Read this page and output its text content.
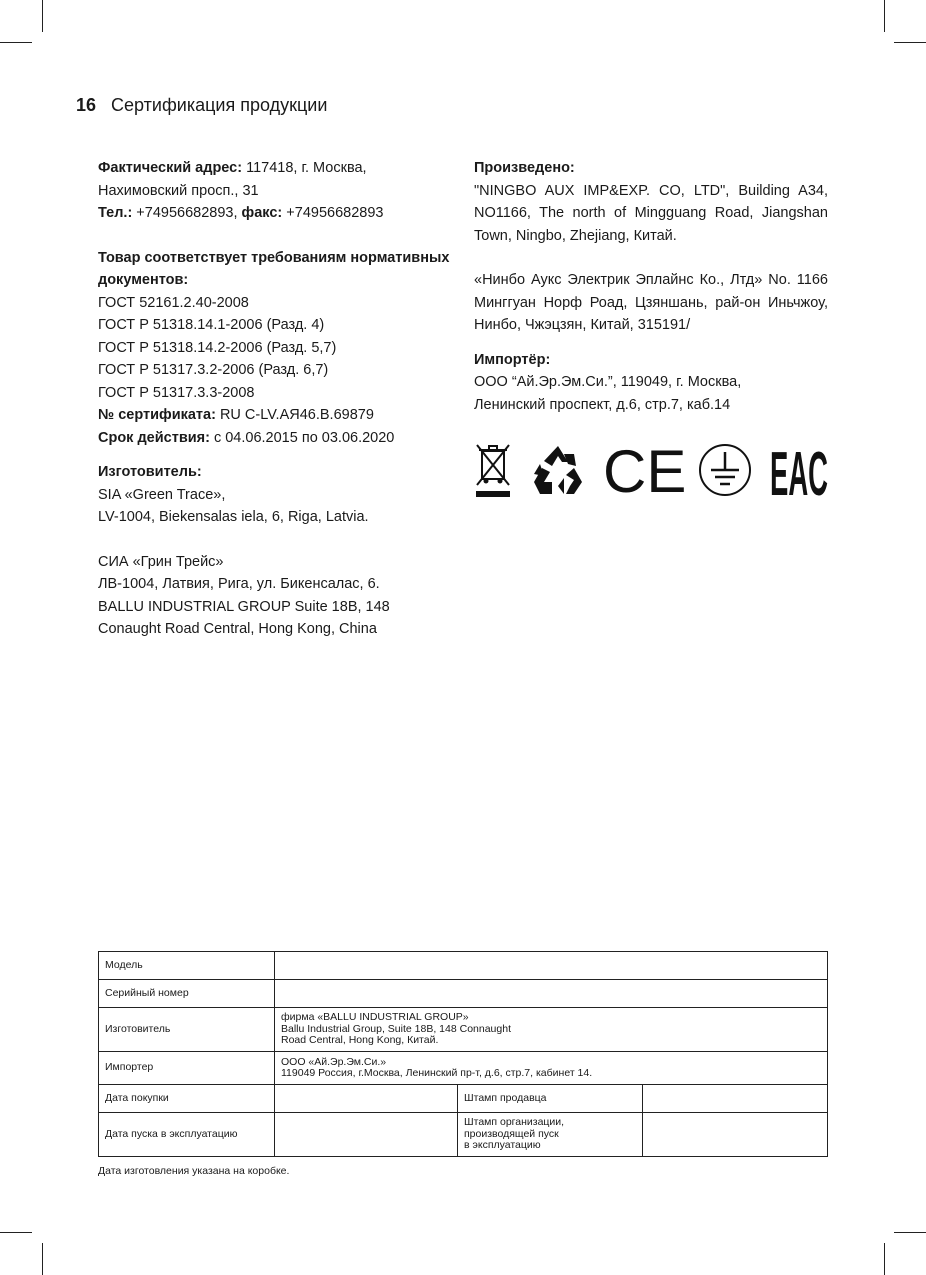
16 Сертификация продукции

Фактический адрес: 117418, г. Москва, Нахимовский просп., 31

Тел.: +74956682893, факс: +74956682893

Товар соответствует требованиям нормативных документов:

ГОСТ 52161.2.40-2008

ГОСТ Р 51318.14.1-2006 (Разд. 4)

ГОСТ Р 51318.14.2-2006 (Разд. 5,7)

ГОСТ Р 51317.3.2-2006 (Разд. 6,7)

ГОСТ Р 51317.3.3-2008

№ сертификата: RU C-LV.АЯ46.В.69879

Срок действия: с 04.06.2015 по 03.06.2020

Изготовитель:

SIA «Green Trace»,

LV-1004, Biekensalas iela, 6, Riga, Latvia.

СИА «Грин Трейс»

ЛВ-1004, Латвия, Рига, ул. Бикенсалас, 6.

BALLU INDUSTRIAL GROUP Suite 18B, 148

Conaught Road Central, Hong Kong, China

Произведено:

"NINGBO AUX IMP&EXP. CO, LTD", Building A34, NO1166, The north of Mingguang Road, Jiangshan Town, Ningbo, Zhejiang, Китай.

«Нинбо Аукс Электрик Эплайнс Ко., Лтд» No. 1166 Минггуан Норф Роад, Цзяншань, рай-он Иньчжоу, Нинбо, Чжэцзян, Китай, 315191/

Импортёр:

ООО “Ай.Эр.Эм.Си.”, 119049, г. Москва,

Ленинский проспект, д.6, стр.7, каб.14

CE EAC
Модель			
Серийный номер			
Изготовитель	фирма «BALLU INDUSTRIAL GROUP»
Ballu Industrial Group, Suite 18B, 148 Connaught
Road Central, Hong Kong, Китай.		
Импортер	ООО «Ай.Эр.Эм.Си.»
119049 Россия, г.Москва, Ленинский пр-т, д.6, стр.7, кабинет 14.		
Дата покупки		Штамп продавца	
Дата пуска в эксплуатацию		Штамп организации,
производящей пуск
в эксплуатацию	
Дата изготовления указана на коробке.
